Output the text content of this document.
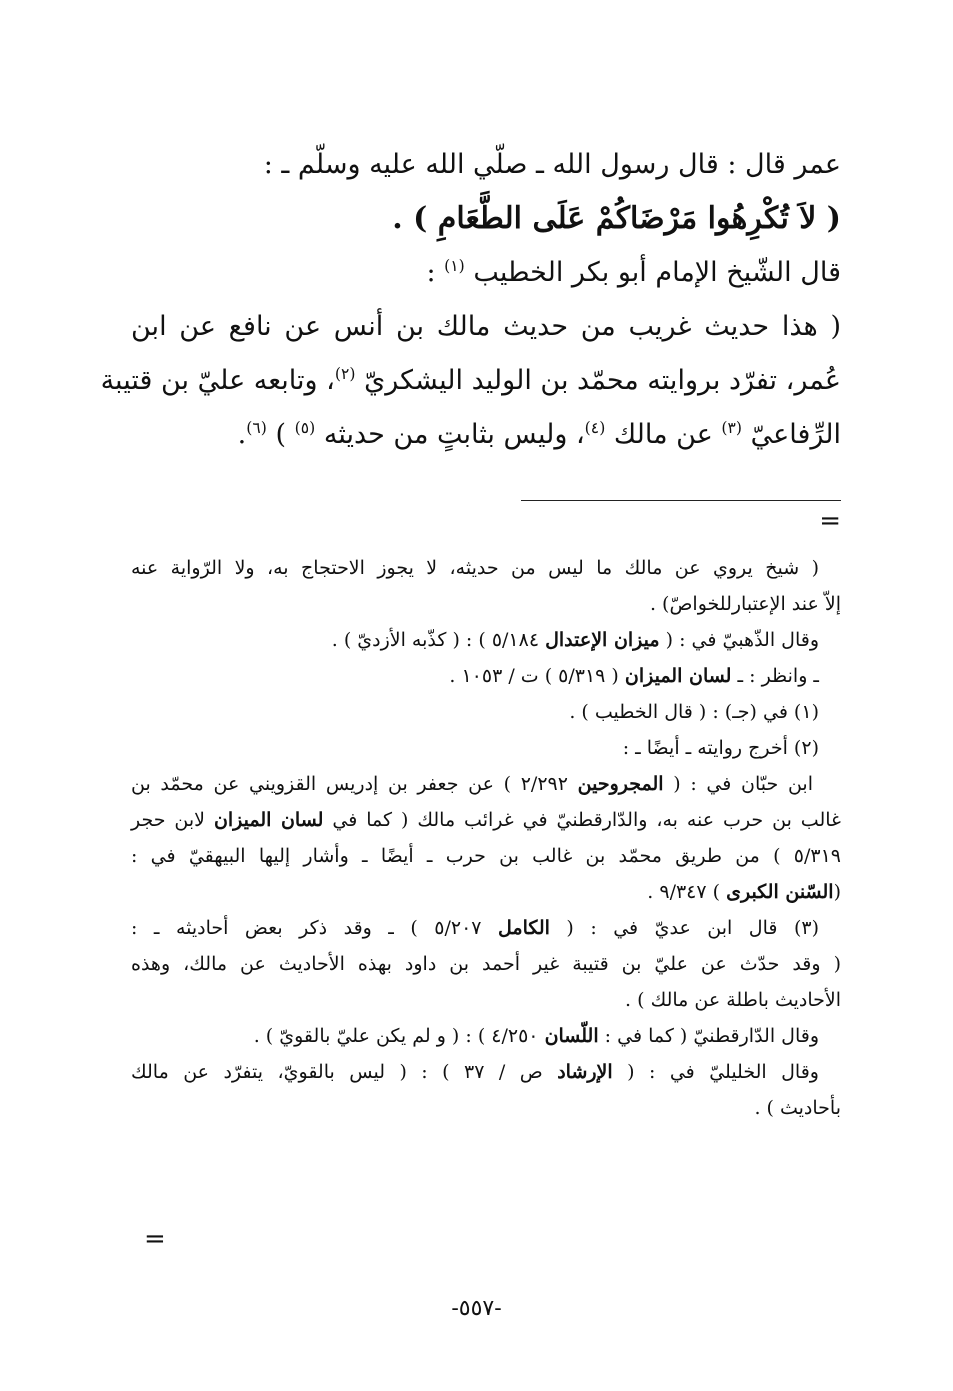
عمر قال : قال رسول الله ـ صلّي الله عليه وسلّم ـ :
( لاَ تُكْرِهُوا مَرْضَاكُمْ عَلَى الطَّعَامِ ) .
قال الشّيخ الإمام أبو بكر الخطيب $^{(١)}$ :
( هذا حديث غريب من حديث مالك بن أنس عن نافع عن ابن
عُمر، تفرّد بروايته محمّد بن الوليد اليشكريّ $^{(٢)}$، وتابعه عليّ بن قتيبة
الرِّفاعيّ $^{(٣)}$ عن مالك $^{(٤)}$، وليس بثابتٍ من حديثه $^{(٥)}$ ) $^{(٦)}$.
=
( شيخ يروي عن مالك ما ليس من حديثه، لا يجوز الاحتجاج به، ولا الرّواية عنه
إلاّ عند الإعتبارللخواصّ) .
وقال الذّهبيّ في : ( ميزان الإعتدال ٥/١٨٤ ) : ( كذّبه الأزديّ ) .
ـ وانظر : ـ لسان الميزان ( ٥/٣١٩ ) ت / ١٠٥٣ .
(١) في (جـ) : ( قال الخطيب ) .
(٢) أخرج روايته ـ أيضًا ـ :
ابن حبّان في : ( المجروحين ٢/٢٩٢ ) عن جعفر بن إدريس القزويني عن محمّد بن
غالب بن حرب عنه به، والدّارقطنيّ في غرائب مالك ( كما في لسان الميزان لابن حجر
٥/٣١٩ ) من طريق محمّد بن غالب بن حرب ـ أيضًا ـ وأشار إليها البيهقيّ في :
(السّنن الكبرى ) ٩/٣٤٧ .
(٣) قال ابن عديّ في : ( الكامل ٥/٢٠٧ ) ـ وقد ذكر بعض أحاديثه ـ :
( وقد حدّث عن عليّ بن قتيبة غير أحمد بن داود بهذه الأحاديث عن مالك، وهذه
الأحاديث باطلة عن مالك ) .
وقال الدّارقطنيّ ( كما في : اللّسان ٤/٢٥٠ ) : ( و لم يكن عليّ بالقويّ ) .
وقال الخليليّ في : ( الإرشاد ص / ٣٧ ) : ( ليس بالقويّ، يتفرّد عن مالك
بأحاديث ) .
=
-٥٥٧-
